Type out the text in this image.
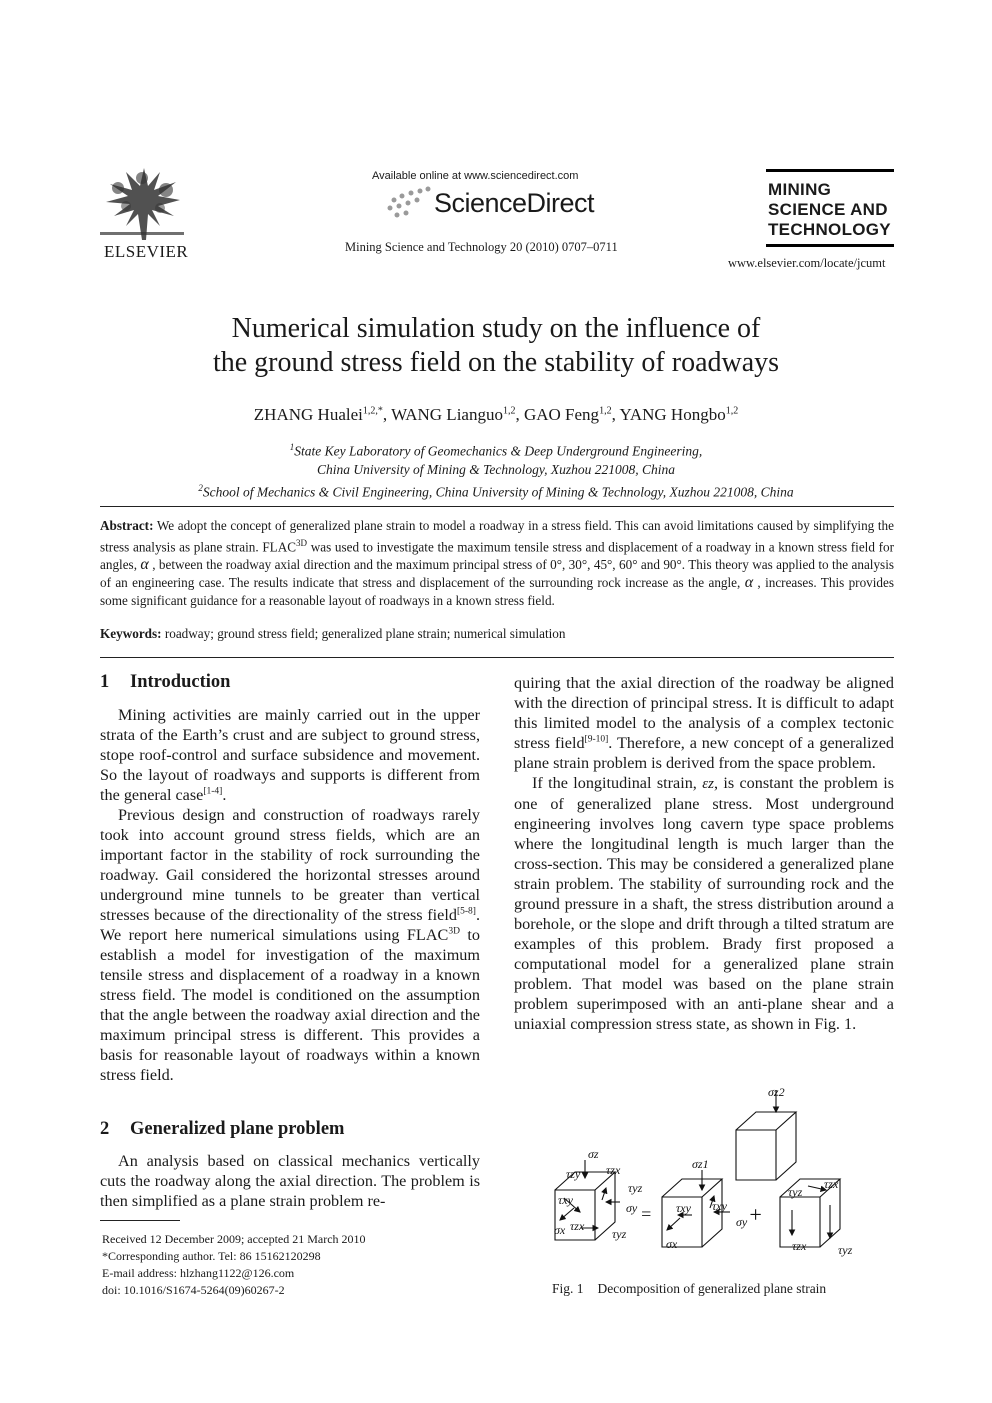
ELSEVIER
Available online at www.sciencedirect.com
ScienceDirect
Mining Science and Technology 20 (2010) 0707–0711
MINING
SCIENCE AND
TECHNOLOGY
www.elsevier.com/locate/jcumt
Numerical simulation study on the influence of
the ground stress field on the stability of roadways
ZHANG Hualei$^{1,2,*}$, WANG Lianguo$^{1,2}$, GAO Feng$^{1,2}$, YANG Hongbo$^{1,2}$
$^1$State Key Laboratory of Geomechanics & Deep Underground Engineering,
China University of Mining & Technology, Xuzhou 221008, China
$^2$School of Mechanics & Civil Engineering, China University of Mining & Technology, Xuzhou 221008, China
Abstract: We adopt the concept of generalized plane strain to model a roadway in a stress field. This can avoid limitations caused by simplifying the stress analysis as plane strain. $FLAC^{3D}$ was used to investigate the maximum tensile stress and displacement of a roadway in a known stress field for angles, α , between the roadway axial direction and the maximum principal stress of 0°, 30°, 45°, 60° and 90°. This theory was applied to the analysis of an engineering case. The results indicate that stress and displacement of the surrounding rock increase as the angle, α , increases. This provides some significant guidance for a reasonable layout of roadways in a known stress field.
Keywords: roadway; ground stress field; generalized plane strain; numerical simulation
1 Introduction

Mining activities are mainly carried out in the upper strata of the Earth’s crust and are subject to ground stress, stope roof-control and surface subsidence and movement. So the layout of roadways and supports is different from the general case[1-4].

Previous design and construction of roadways rarely took into account ground stress fields, which are an important factor in the stability of rock surrounding the roadway. Gail considered the horizontal stresses around underground mine tunnels to be greater than vertical stresses because of the directionality of the stress field[5-8]. We report here numerical simulations using $FLAC^{3D}$ to establish a model for investigation of the maximum tensile stress and displacement of a roadway in a known stress field. The model is conditioned on the assumption that the angle between the roadway axial direction and the maximum principal stress is different. This provides a basis for reasonable layout of roadways within a known stress field.

2 Generalized plane problem

An analysis based on classical mechanics vertically cuts the roadway along the axial direction. The problem is then simplified as a plane strain problem re-

Received 12 December 2009; accepted 21 March 2010
*Corresponding author. Tel: 86 15162120298
E-mail address: hlzhang1122@126.com
doi: 10.1016/S1674-5264(09)60267-2

quiring that the axial direction of the roadway be aligned with the direction of principal stress. It is difficult to adapt this limited model to the analysis of a complex tectonic stress field[9-10]. Therefore, a new concept of a generalized plane strain problem is derived from the space problem.

If the longitudinal strain, εz, is constant the problem is one of generalized plane stress. Most underground engineering involves long cavern type space problems where the longitudinal length is much larger than the cross-section. This may be considered a generalized plane strain problem. The stability of surrounding rock and the ground pressure in a shaft, the stress distribution around a borehole, or the slope and drift through a tilted stratum are examples of this problem. Brady first proposed a computational model for a generalized plane strain problem. That model was based on the plane strain problem superimposed with an anti-plane shear and a uniaxial compression stress state, as shown in Fig. 1.

σz
τzy τzx
τxy
τyz
σy
σx τzx
τyz
=
σz1
τxy τxy
σy
σx
+
σz2
τyz
τzx
τzx	τyz
Fig. 1 Decomposition of generalized plane strain
